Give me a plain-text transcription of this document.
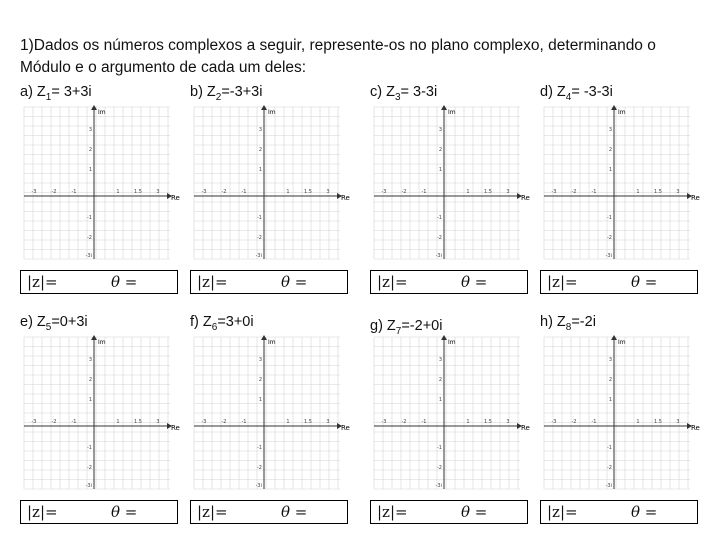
1)Dados os números complexos a seguir, represente-os no plano complexo, determinando o Módulo e o argumento de cada um deles:
a) $Z_1= 3+3i$
Im
Re
-3	-2	-1	1	1.5	3
3
2
1
-1
-2
-3i
|z|=	θ =
b) $Z_2=-3+3i$
Im
Re
-3	-2	-1	1	1.5	3
3
2
1
-1
-2
-3i
|z|=	θ =
c) $Z_3= 3-3i$
Im
Re
-3	-2	-1	1	1.5	3
3
2
1
-1
-2
-3i
|z|=	θ =
d) $Z_4= -3-3i$
Im
Re
-3	-2	-1	1	1.5	3
3
2
1
-1
-2
-3i
|z|=	θ =
e) $Z_5=0+3i$
Im
Re
-3	-2	-1	1	1.5	3
3
2
1
-1
-2
-3i
|z|=	θ =
f) $Z_6=3+0i$
Im
Re
-3	-2	-1	1	1.5	3
3
2
1
-1
-2
-3i
|z|=	θ =
g) $Z_7=-2+0i$
Im
Re
-3	-2	-1	1	1.5	3
3
2
1
-1
-2
-3i
|z|=	θ =
h) $Z_8=-2i$
Im
Re
-3	-2	-1	1	1.5	3
3
2
1
-1
-2
-3i
|z|=	θ =
